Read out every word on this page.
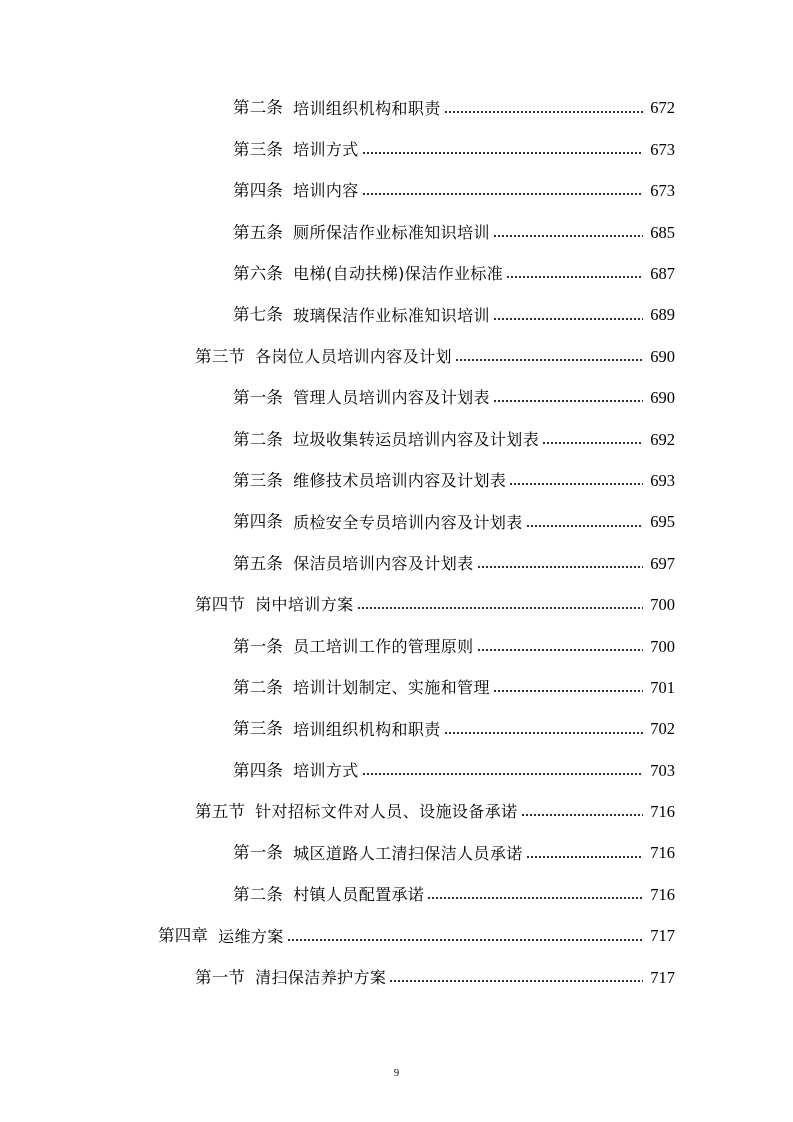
第二条 培训组织机构和职责	672
第三条 培训方式	673
第四条 培训内容	673
第五条 厕所保洁作业标准知识培训	685
第六条 电梯(自动扶梯)保洁作业标准	687
第七条 玻璃保洁作业标准知识培训	689
第三节 各岗位人员培训内容及计划	690
第一条 管理人员培训内容及计划表	690
第二条 垃圾收集转运员培训内容及计划表	692
第三条 维修技术员培训内容及计划表	693
第四条 质检安全专员培训内容及计划表	695
第五条 保洁员培训内容及计划表	697
第四节 岗中培训方案	700
第一条 员工培训工作的管理原则	700
第二条 培训计划制定、实施和管理	701
第三条 培训组织机构和职责	702
第四条 培训方式	703
第五节 针对招标文件对人员、设施设备承诺	716
第一条 城区道路人工清扫保洁人员承诺	716
第二条 村镇人员配置承诺	716
第四章 运维方案	717
第一节 清扫保洁养护方案	717
9
